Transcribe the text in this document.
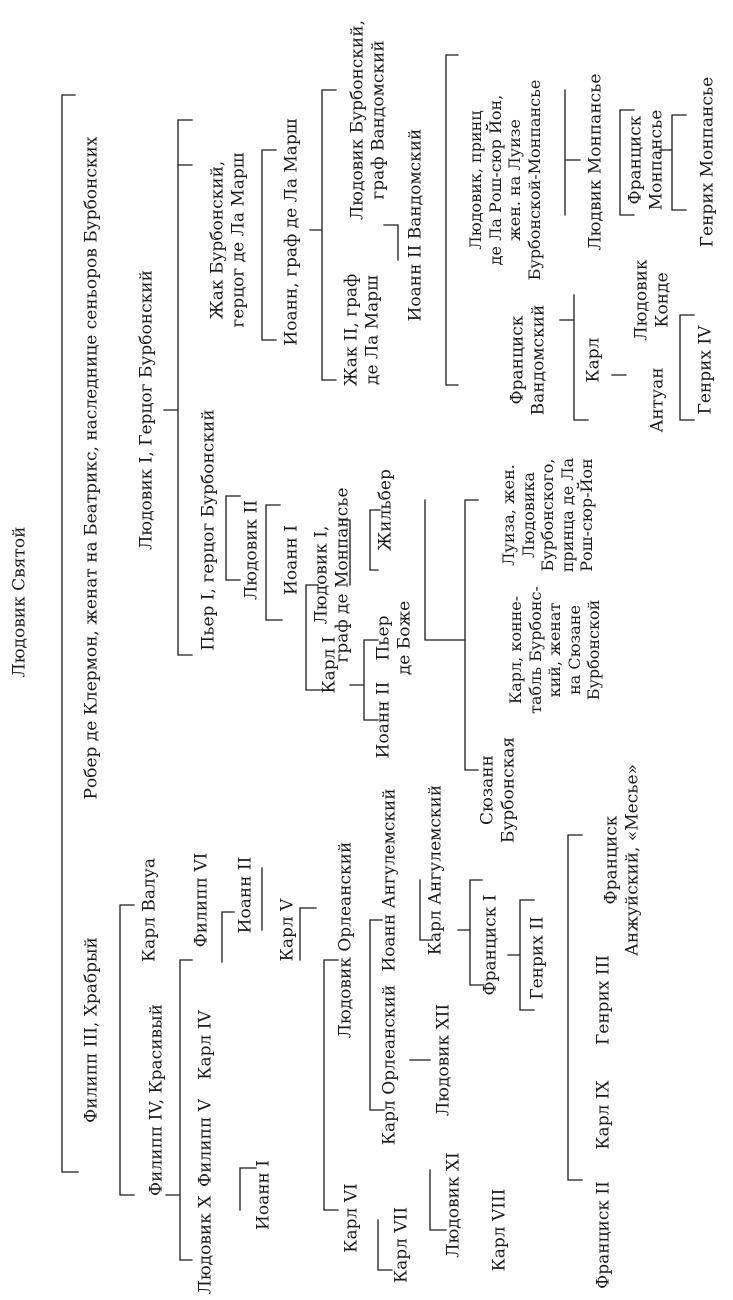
Людовик Святой	Робер де Клермон, женат на Беатрикс, наследнице сеньоров Бурбонских Людовик I, Герцог Бурбонский Пьер I, герцог Бурбонский Людовик II Иоанн I
Карл I
Иоанн II
Пьер де Боже
Людовик I, граф де Монпансье Жильбер
Сюзанн Бурбонская
Карл, конне- табль Бурбонс- кий, женат на Сюзане Бурбонской
Луиза, жен. Людовика Бурбонского, принца де Ла Рош-сюр-Йон
Жак Бурбонский, герцог де Ла Марш Иоанн, граф де Ла Марш Жак II, граф де Ла Марш
Людовик Бурбонский, граф Вандомский
Иоанн II Вандомский
Франциск Вандомский Карл
Антуан Генрих IV
Людовик Конде
Людовик, принц де Ла Рош-сюр Йон, жен. на Луизе Бурбонской-Монпансье Людвик Монпансье Франциск Монпансье Генрих Монпансье
Филипп III, Храбрый	Филипп IV, Красивый
Людовик X
Иоанн I
Филипп V
Карл IV
Карл Валуа Филипп VI Иоанн II Карл V
Карл VI Карл VII Людовик XI Карл VIII
Людовик Орлеанский
Карл Орлеанский Людовик XII
Иоанн Ангулемский Карл Ангулемский Франциск I Генрих II
Франциск II
Карл IX
Генрих III
Франциск Анжуйский, «Месье»
